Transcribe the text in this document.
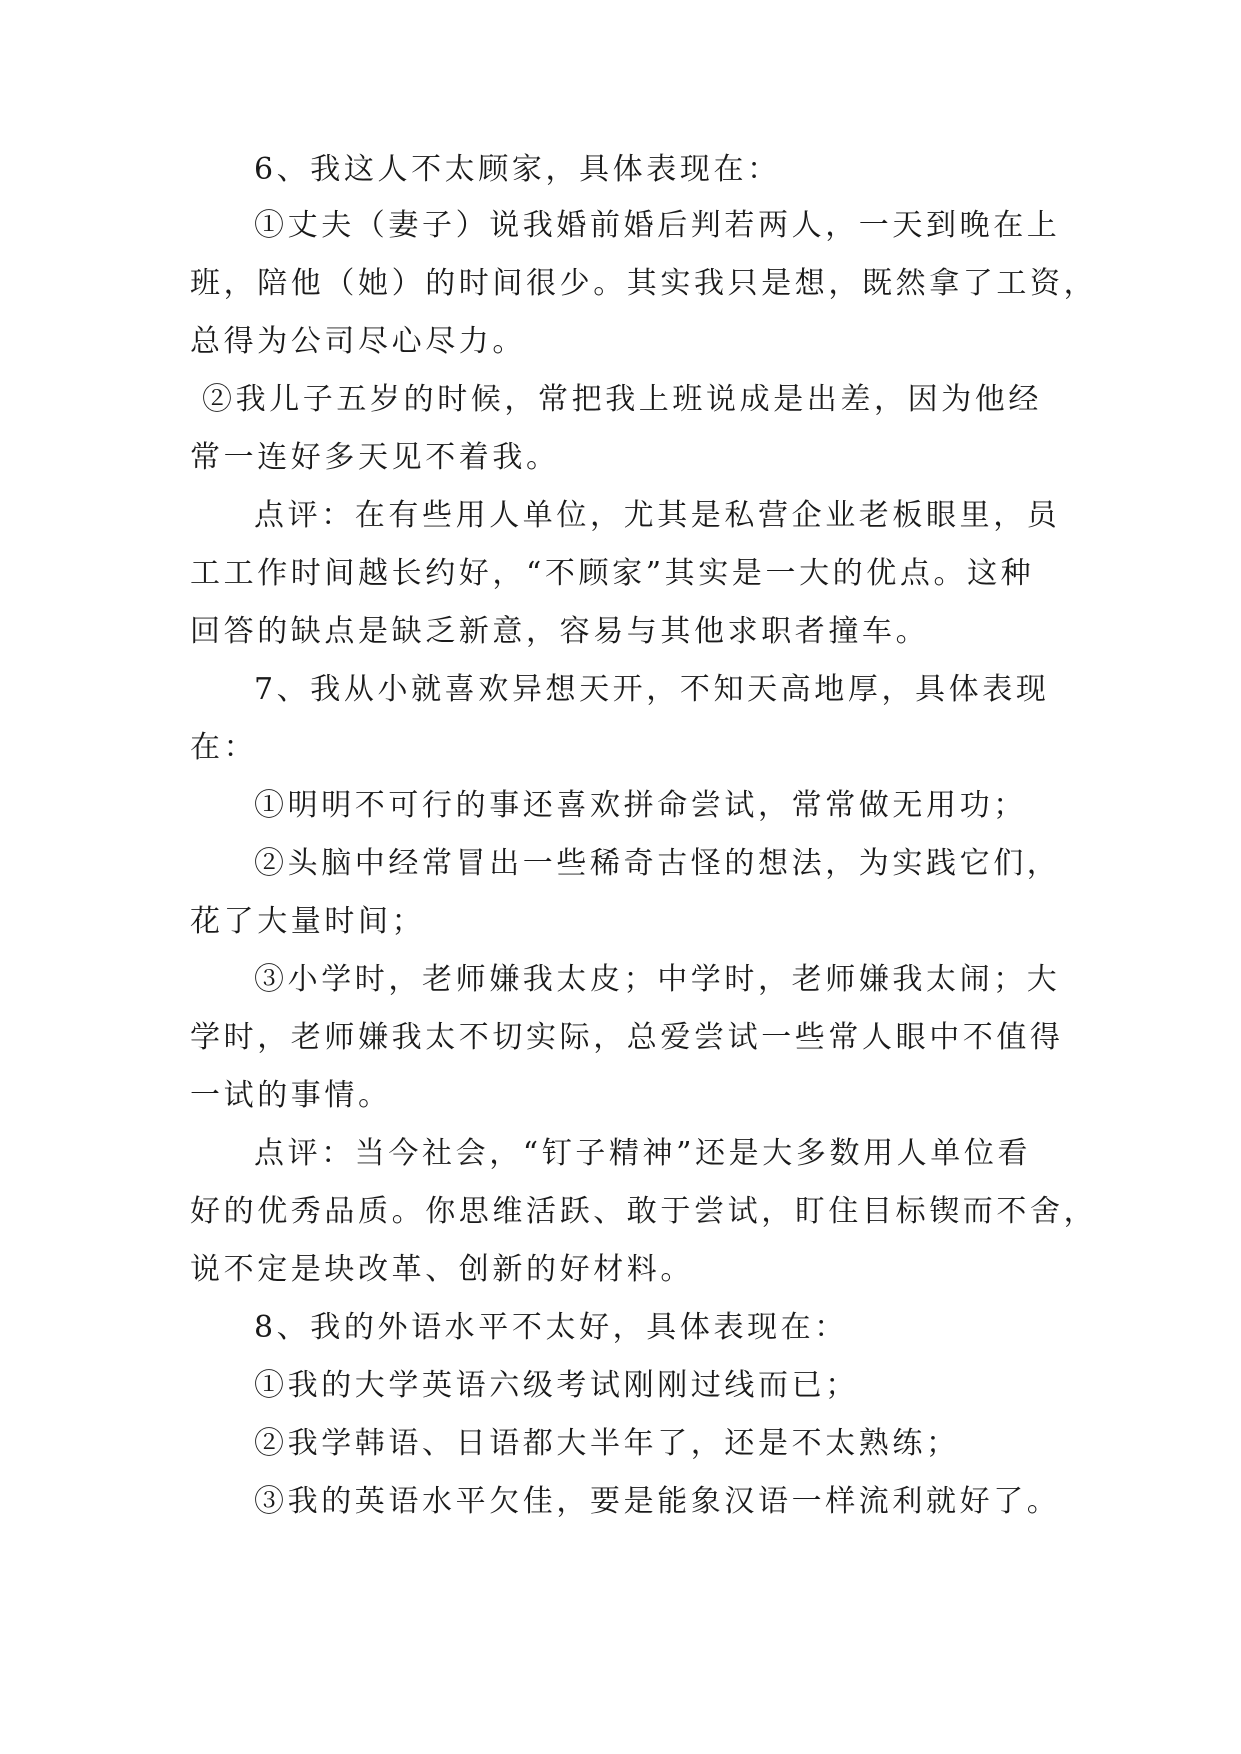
6、我这人不太顾家，具体表现在：
①丈夫（妻子）说我婚前婚后判若两人，一天到晚在上
班，陪他（她）的时间很少。其实我只是想，既然拿了工资，
总得为公司尽心尽力。
②我儿子五岁的时候，常把我上班说成是出差，因为他经
常一连好多天见不着我。
点评：在有些用人单位，尤其是私营企业老板眼里，员
工工作时间越长约好，“不顾家”其实是一大的优点。这种
回答的缺点是缺乏新意，容易与其他求职者撞车。
7、我从小就喜欢异想天开，不知天高地厚，具体表现
在：
①明明不可行的事还喜欢拼命尝试，常常做无用功；
②头脑中经常冒出一些稀奇古怪的想法，为实践它们，
花了大量时间；
③小学时，老师嫌我太皮；中学时，老师嫌我太闹；大
学时，老师嫌我太不切实际，总爱尝试一些常人眼中不值得
一试的事情。
点评：当今社会，“钉子精神”还是大多数用人单位看
好的优秀品质。你思维活跃、敢于尝试，盯住目标锲而不舍，
说不定是块改革、创新的好材料。
8、我的外语水平不太好，具体表现在：
①我的大学英语六级考试刚刚过线而已；
②我学韩语、日语都大半年了，还是不太熟练；
③我的英语水平欠佳，要是能象汉语一样流利就好了。
